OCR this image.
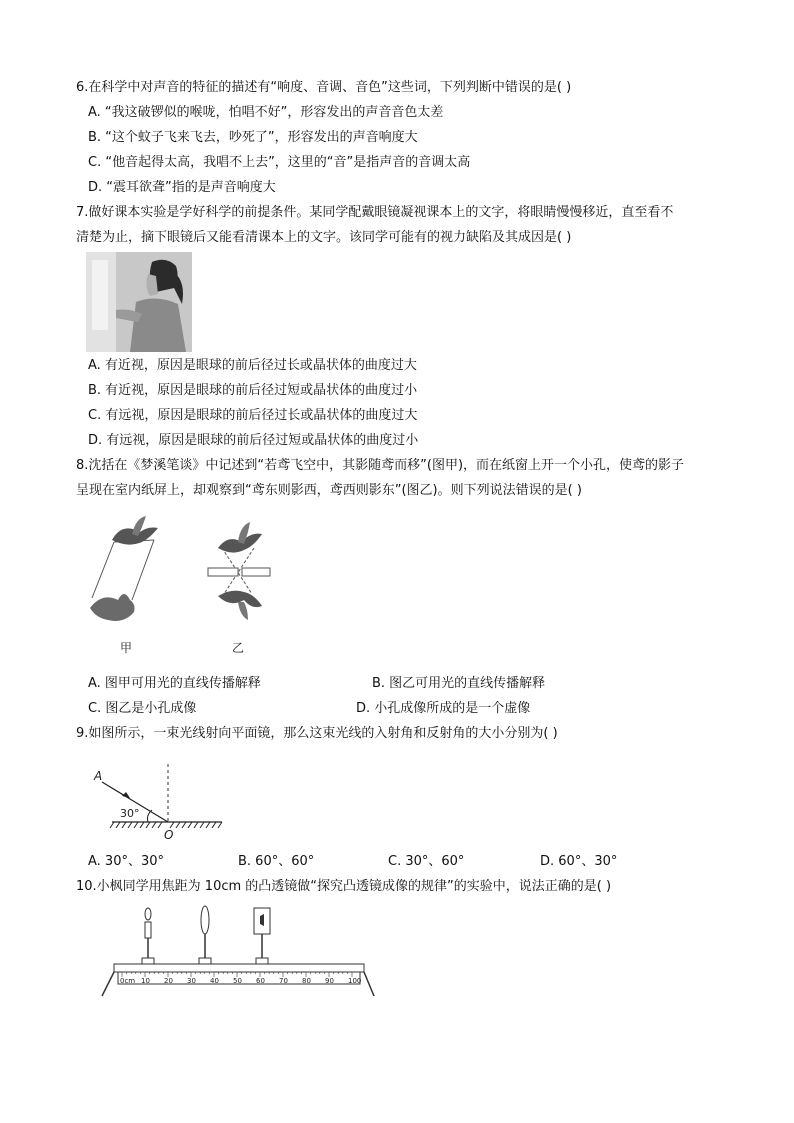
6.在科学中对声音的特征的描述有“响度、音调、音色”这些词，下列判断中错误的是( )
A. “我这破锣似的喉咙，怕唱不好”，形容发出的声音音色太差
B. “这个蚊子飞来飞去，吵死了”，形容发出的声音响度大
C. “他音起得太高，我唱不上去”，这里的“音”是指声音的音调太高
D. “震耳欲聋”指的是声音响度大
7.做好课本实验是学好科学的前提条件。某同学配戴眼镜凝视课本上的文字，将眼睛慢慢移近，直至看不
清楚为止，摘下眼镜后又能看清课本上的文字。该同学可能有的视力缺陷及其成因是( )
A. 有近视，原因是眼球的前后径过长或晶状体的曲度过大
B. 有近视，原因是眼球的前后径过短或晶状体的曲度过小
C. 有远视，原因是眼球的前后径过长或晶状体的曲度过大
D. 有远视，原因是眼球的前后径过短或晶状体的曲度过小
8.沈括在《梦溪笔谈》中记述到“若鸢飞空中，其影随鸢而移”(图甲)，而在纸窗上开一个小孔，使鸢的影子
呈现在室内纸屏上，却观察到“鸢东则影西，鸢西则影东”(图乙)。则下列说法错误的是( )
甲	乙
A. 图甲可用光的直线传播解释	B. 图乙可用光的直线传播解释
C. 图乙是小孔成像	D. 小孔成像所成的是一个虚像
9.如图所示，一束光线射向平面镜，那么这束光线的入射角和反射角的大小分别为( )
A
30°
O
A. 30°、30°	B. 60°、60°	C. 30°、60°	D. 60°、30°
10.小枫同学用焦距为 10cm 的凸透镜做“探究凸透镜成像的规律”的实验中，说法正确的是( )
0cm 10 20 30 40 50 60 70 80 90 100
